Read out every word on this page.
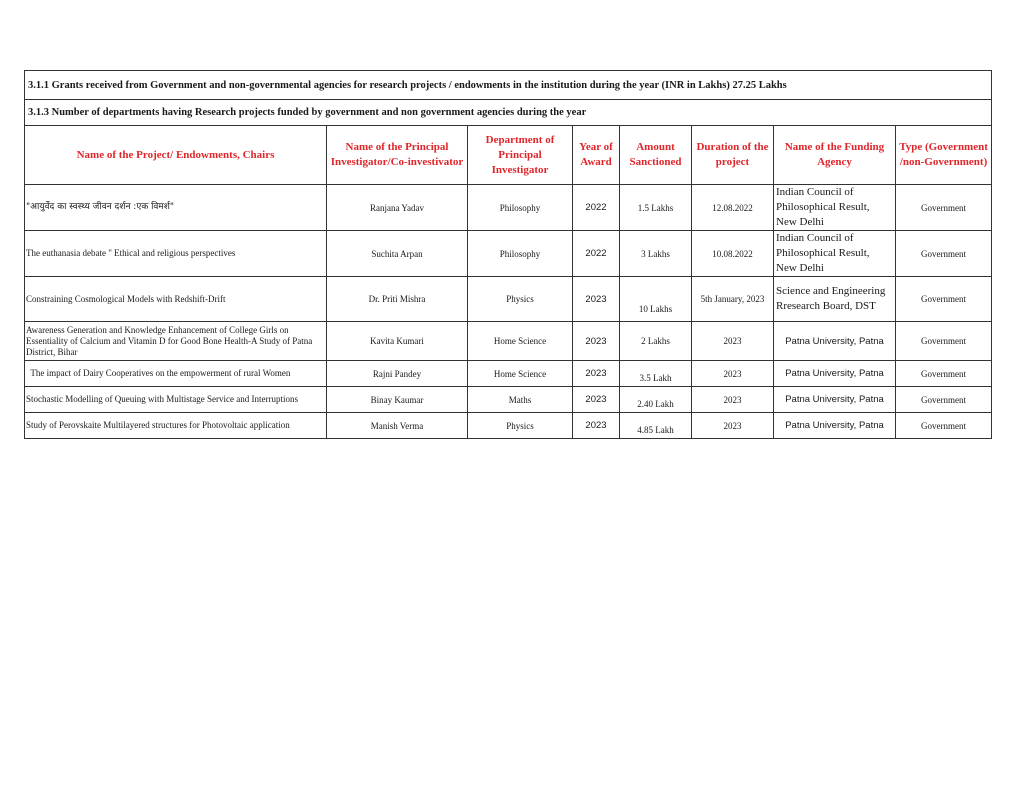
3.1.1 Grants received from Government and non-governmental agencies for research projects / endowments in the institution during the year (INR in Lakhs) 27.25 Lakhs							
3.1.3 Number of departments having Research projects funded by government and non government agencies during the year							
Name of the Project/ Endowments, Chairs	Name of the Principal Investigator/Co-investivator	Department of Principal Investigator	Year of Award	Amount Sanctioned	Duration of the project	Name of the Funding Agency	Type (Government /non-Government)
"आयुर्वेद का स्वस्थ्य जीवन दर्शन :एक विमर्श"	Ranjana Yadav	Philosophy	2022	1.5 Lakhs	12.08.2022	Indian Council of Philosophical Result, New Delhi	Government
The euthanasia debate " Ethical and religious perspectives	Suchita Arpan	Philosophy	2022	3 Lakhs	10.08.2022	Indian Council of Philosophical Result, New Delhi	Government
Constraining Cosmological Models with Redshift-Drift	Dr. Priti Mishra	Physics	2023	10 Lakhs	5th January, 2023	Science and Engineering Rresearch Board, DST	Government
Awareness Generation and Knowledge Enhancement of College Girls on Essentiality of Calcium and Vitamin D for Good Bone Health-A Study of Patna District, Bihar	Kavita Kumari	Home Science	2023	2 Lakhs	2023	Patna University, Patna	Government
The impact of Dairy Cooperatives on the empowerment of rural Women	Rajni Pandey	Home Science	2023	3.5 Lakh	2023	Patna University, Patna	Government
Stochastic Modelling of Queuing with Multistage Service and Interruptions	Binay Kaumar	Maths	2023	2.40 Lakh	2023	Patna University, Patna	Government
Study of Perovskaite Multilayered structures for Photovoltaic application	Manish Verma	Physics	2023	4.85 Lakh	2023	Patna University, Patna	Government
